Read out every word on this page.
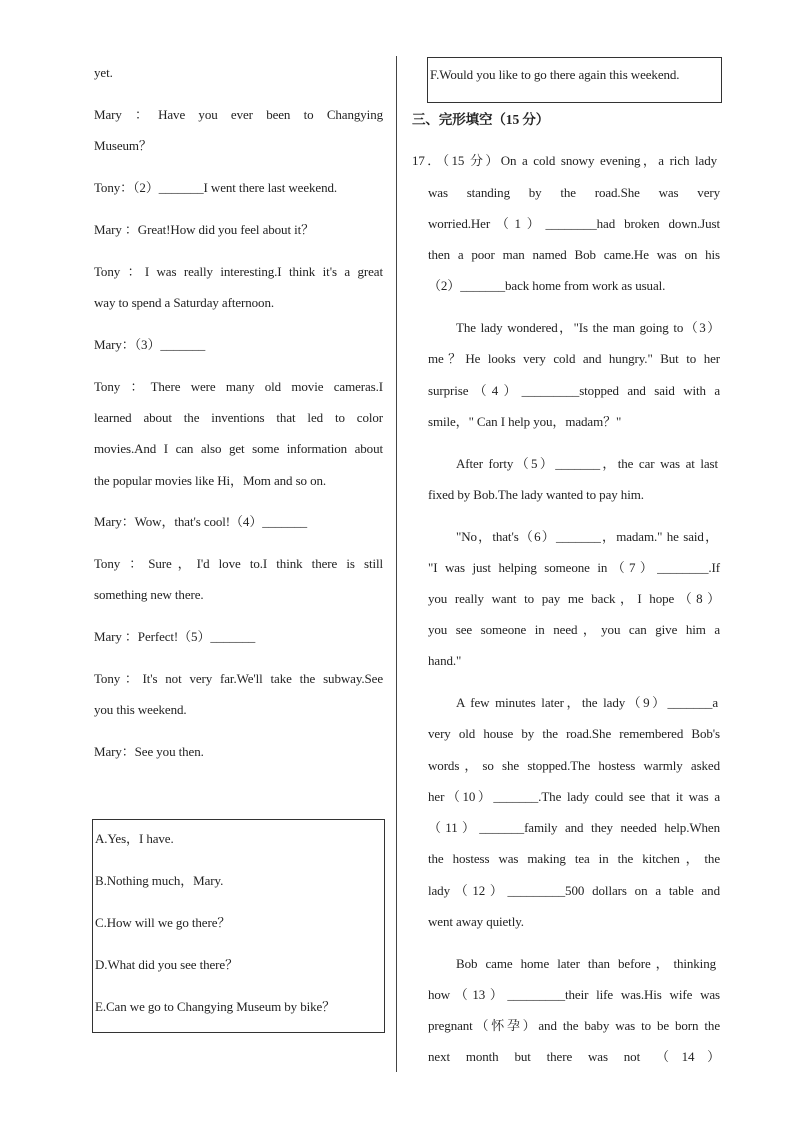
yet.
Mary ：Have you ever been to Changying
Museum？
Tony：（2）_______I went there last weekend.
Mary ：Great!How did you feel about it？
Tony ：I was really interesting.I think it's a great
way to spend a Saturday afternoon.
Mary：（3）_______
Tony ：There were many old movie cameras.I
learned about the inventions that led to color
movies.And I can also get some information about
the popular movies like Hi，Mom and so on.
Mary：Wow，that's cool!（4）_______
Tony ：Sure，I'd love to.I think there is still
something new there.
Mary ：Perfect!（5）_______
Tony：It's not very far.We'll take the subway.See
you this weekend.
Mary：See you then.
A.Yes，I have.
B.Nothing much，Mary.
C.How will we go there？
D.What did you see there？
E.Can we go to Changying Museum by bike？
F.Would you like to go there again this weekend.
三、完形填空（15 分）
17．（15 分）On a cold snowy evening，a rich lady
was standing by the road.She was very
worried.Her（1）________had broken down.Just
then a poor man named Bob came.He was on his
（2）_______back home from work as usual.
The lady wondered，"Is the man going to（3）
me？He looks very cold and hungry." But to her
surprise（4）_________stopped and said with a
smile，" Can I help you，madam？"
After forty（5）_______，the car was at last
fixed by Bob.The lady wanted to pay him.
"No，that's（6）_______，madam." he said，
"I was just helping someone in（7）________.If
you really want to pay me back，I hope（8）
you see someone in need，you can give him a
hand."
A few minutes later，the lady（9）_______a
very old house by the road.She remembered Bob's
words，so she stopped.The hostess warmly asked
her（10）_______.The lady could see that it was a
（11）_______family and they needed help.When
the hostess was making tea in the kitchen，the
lady（12）_________500 dollars on a table and
went away quietly.
Bob came home later than before，thinking
how（13）_________their life was.His wife was
pregnant（怀孕）and the baby was to be born the
next month but there was not （14）
